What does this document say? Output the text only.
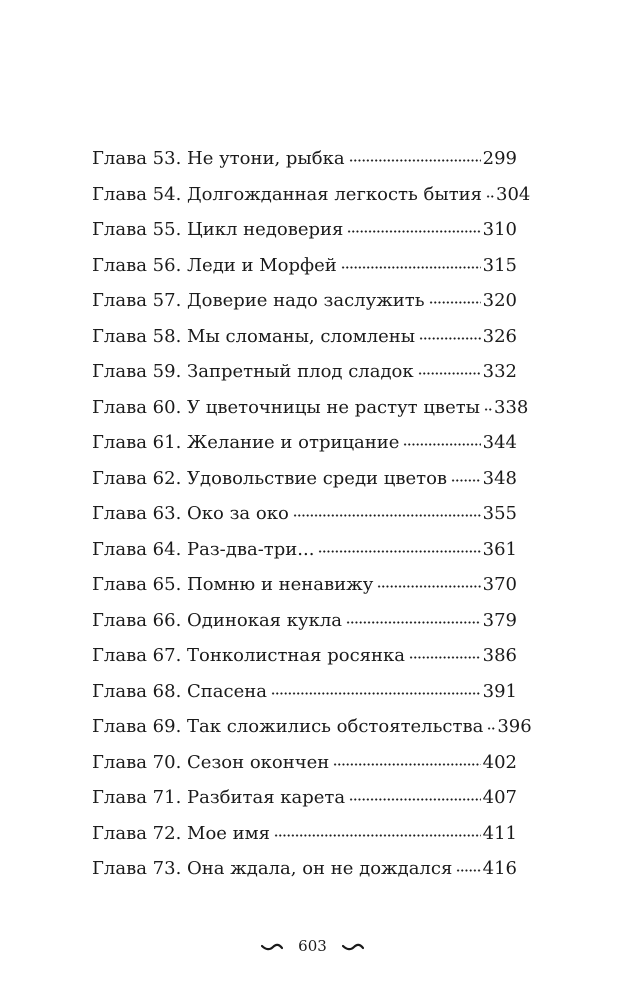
Глава 53. Не утони, рыбка	299
Глава 54. Долгожданная легкость бытия 304
Глава 55. Цикл недоверия	310
Глава 56. Леди и Морфей	315
Глава 57. Доверие надо заслужить	320
Глава 58. Мы сломаны, сломлены	326
Глава 59. Запретный плод сладок	332
Глава 60. У цветочницы не растут цветы 338
Глава 61. Желание и отрицание	344
Глава 62. Удовольствие среди цветов 348
Глава 63. Око за око	355
Глава 64. Раз-два-три...	361
Глава 65. Помню и ненавижу	370
Глава 66. Одинокая кукла	379
Глава 67. Тонколистная росянка	386
Глава 68. Спасена	391
Глава 69. Так сложились обстоятельства 396
Глава 70. Сезон окончен	402
Глава 71. Разбитая карета	407
Глава 72. Мое имя	411
Глава 73. Она ждала, он не дождался 416
603
